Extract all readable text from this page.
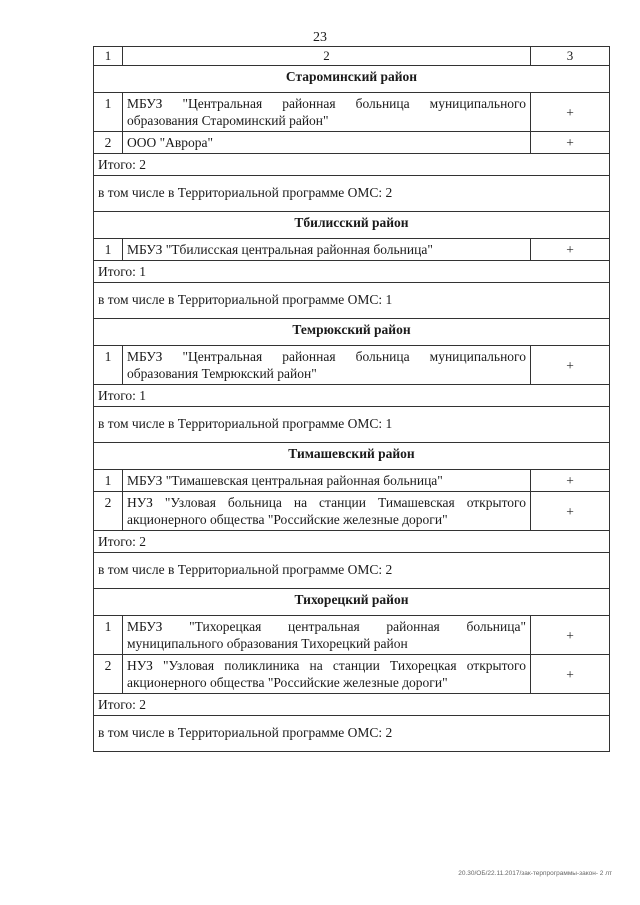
23
1	2	3
Староминский район		
1	МБУЗ "Центральная районная больница муниципального образования Староминский район"	+
2	ООО "Аврора"	+
Итого: 2		
в том числе в Территориальной программе ОМС: 2		
Тбилисский район		
1	МБУЗ "Тбилисская центральная районная больница"	+
Итого: 1		
в том числе в Территориальной программе ОМС: 1		
Темрюкский район		
1	МБУЗ "Центральная районная больница муниципального образования Темрюкский район"	+
Итого: 1		
в том числе в Территориальной программе ОМС: 1		
Тимашевский район		
1	МБУЗ "Тимашевская центральная районная больница"	+
2	НУЗ "Узловая больница на станции Тимашевская открытого акционерного общества "Российские железные дороги"	+
Итого: 2		
в том числе в Территориальной программе ОМС: 2		
Тихорецкий район		
1	МБУЗ "Тихорецкая центральная районная больница" муниципального образования Тихорецкий район	+
2	НУЗ "Узловая поликлиника на станции Тихорецкая открытого акционерного общества "Российские железные дороги"	+
Итого: 2		
в том числе в Территориальной программе ОМС: 2		
20.30/OБ/22.11.2017/зак-терпрограммы-закон- 2 лт
